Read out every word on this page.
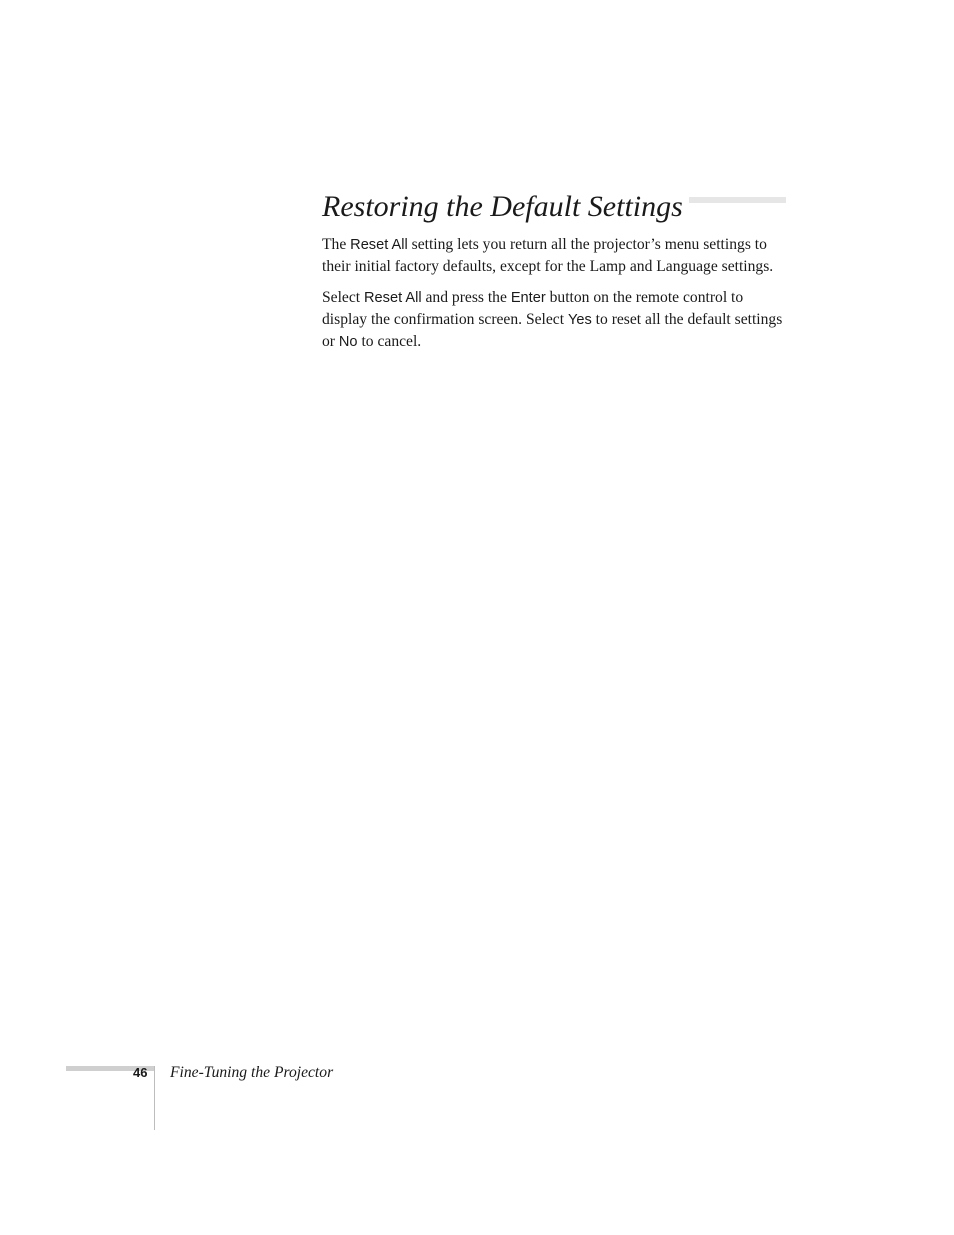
Restoring the Default Settings

The Reset All setting lets you return all the projector’s menu settings to their initial factory defaults, except for the Lamp and Language settings.

Select Reset All and press the Enter button on the remote control to display the confirmation screen. Select Yes to reset all the default settings or No to cancel.

46 Fine-Tuning the Projector
